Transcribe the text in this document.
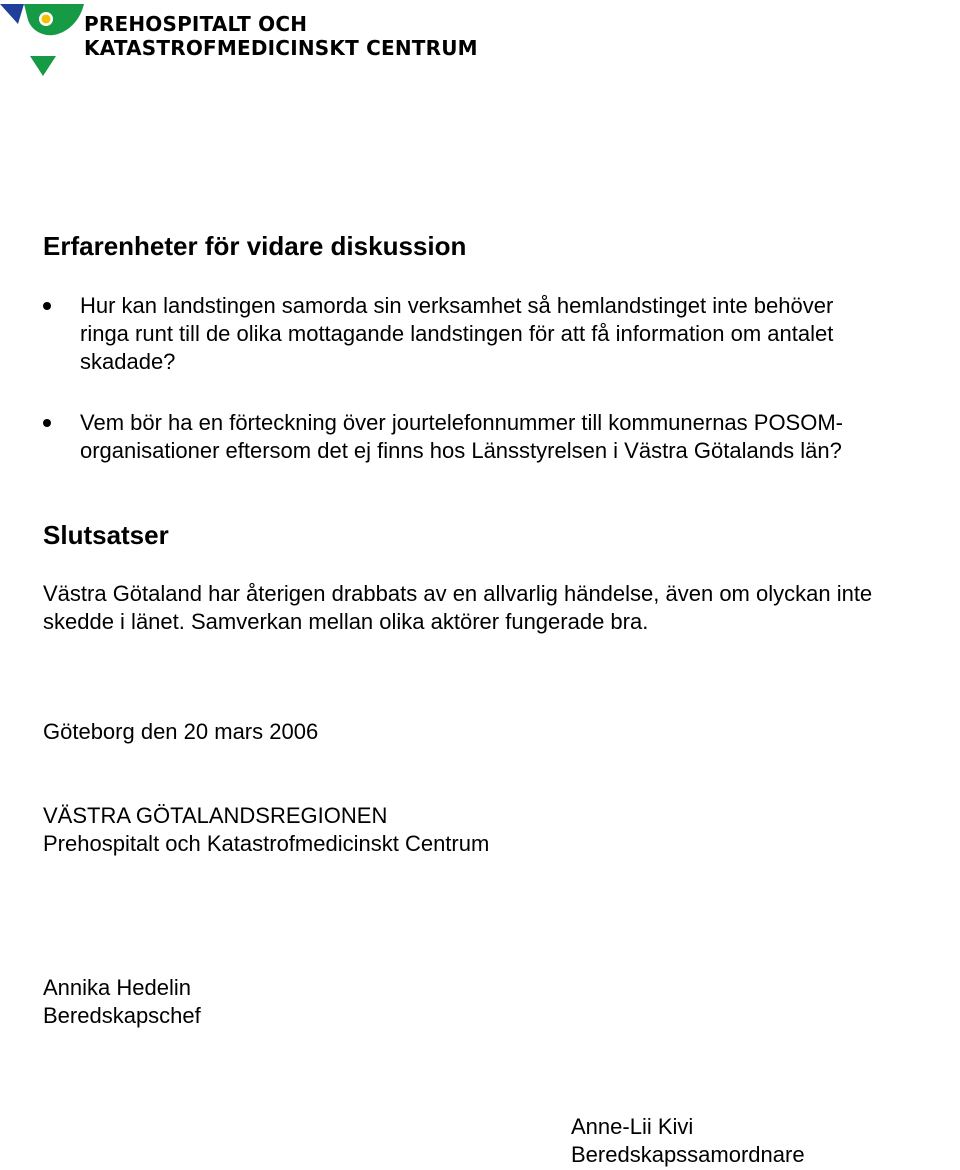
PREHOSPITALT OCH
KATASTROFMEDICINSKT CENTRUM
Erfarenheter för vidare diskussion
Hur kan landstingen samorda sin verksamhet så hemlandstinget inte behöver
ringa runt till de olika mottagande landstingen för att få information om antalet
skadade?
Vem bör ha en förteckning över jourtelefonnummer till kommunernas POSOM-
organisationer eftersom det ej finns hos Länsstyrelsen i Västra Götalands län?
Slutsatser

Västra Götaland har återigen drabbats av en allvarlig händelse, även om olyckan inte
skedde i länet. Samverkan mellan olika aktörer fungerade bra.

Göteborg den 20 mars 2006

VÄSTRA GÖTALANDSREGIONEN
Prehospitalt och Katastrofmedicinskt Centrum

Annika Hedelin
Beredskapschef

Anne-Lii Kivi
Beredskapssamordnare
